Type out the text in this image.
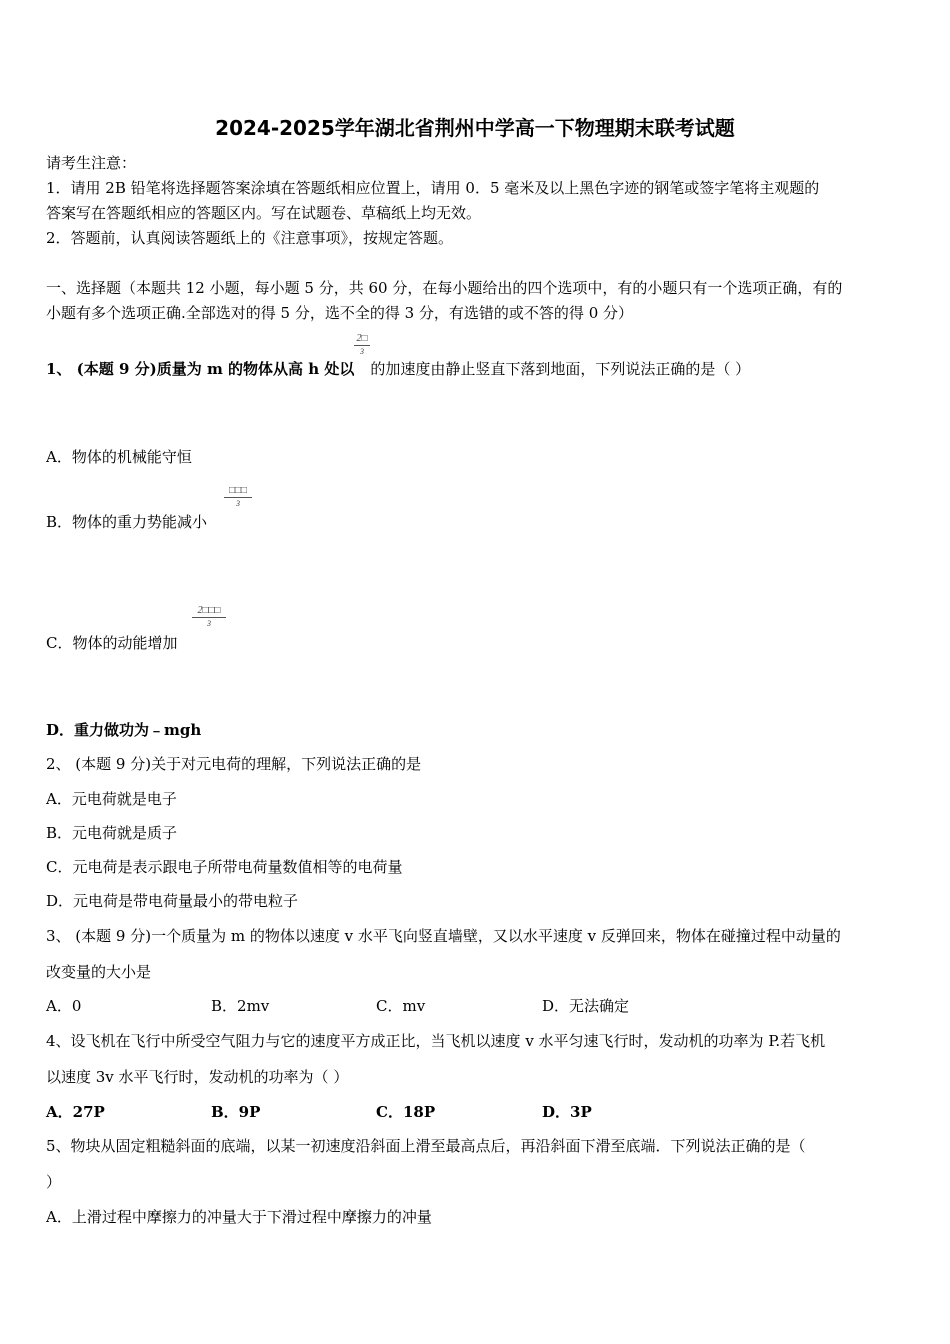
2024-2025学年湖北省荆州中学高一下物理期末联考试题
请考生注意：
1．请用 2B 铅笔将选择题答案涂填在答题纸相应位置上，请用 0．5 毫米及以上黑色字迹的钢笔或签字笔将主观题的
答案写在答题纸相应的答题区内。写在试题卷、草稿纸上均无效。
2．答题前，认真阅读答题纸上的《注意事项》，按规定答题。
一、选择题（本题共 12 小题，每小题 5 分，共 60 分，在每小题给出的四个选项中，有的小题只有一个选项正确，有的
小题有多个选项正确.全部选对的得 5 分，选不全的得 3 分，有选错的或不答的得 0 分）
1、 (本题 9 分)质量为 m 的物体从高 h 处以 的加速度由静止竖直下落到地面，下列说法正确的是（ ）
2□
3
A．物体的机械能守恒
B．物体的重力势能减小
□□□
3
C．物体的动能增加
2□□□
3
D．重力做功为﹣mgh
2、 (本题 9 分)关于对元电荷的理解，下列说法正确的是
A．元电荷就是电子
B．元电荷就是质子
C．元电荷是表示跟电子所带电荷量数值相等的电荷量
D．元电荷是带电荷量最小的带电粒子
3、 (本题 9 分)一个质量为 m 的物体以速度 v 水平飞向竖直墙壁，又以水平速度 v 反弹回来，物体在碰撞过程中动量的
改变量的大小是
A．0	B．2mv	C．mv	D．无法确定
4、设飞机在飞行中所受空气阻力与它的速度平方成正比，当飞机以速度 v 水平匀速飞行时，发动机的功率为 P.若飞机
以速度 3v 水平飞行时，发动机的功率为（ ）
A．27P	B．9P	C．18P	D．3P
5、物块从固定粗糙斜面的底端，以某一初速度沿斜面上滑至最高点后，再沿斜面下滑至底端．下列说法正确的是（
）
A．上滑过程中摩擦力的冲量大于下滑过程中摩擦力的冲量
